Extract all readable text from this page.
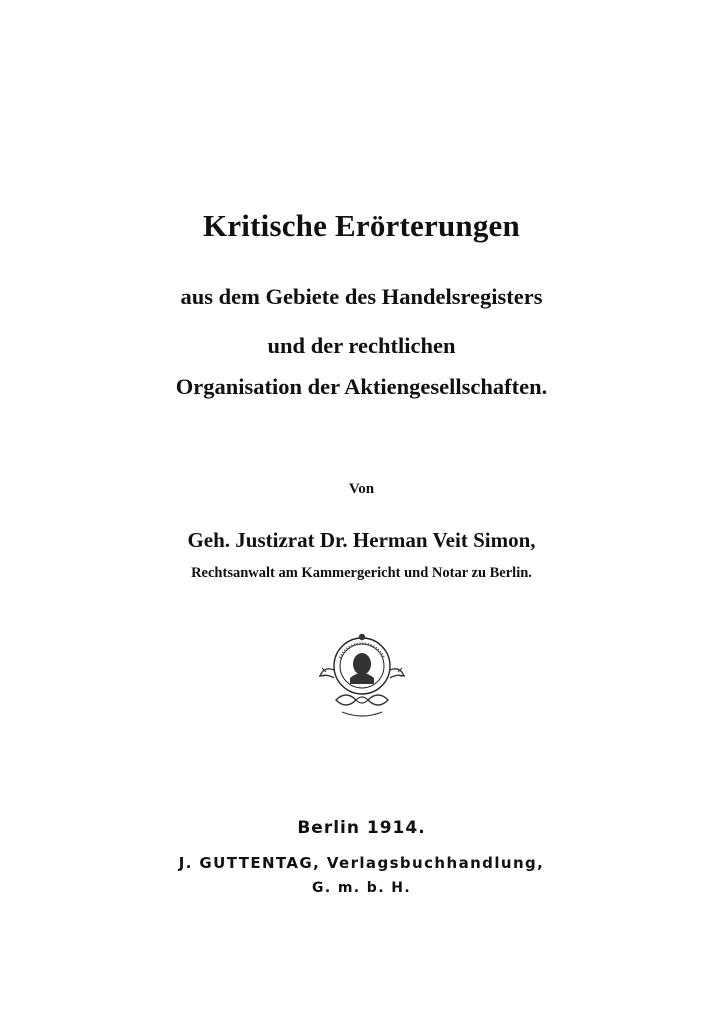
Kritische Erörterungen
aus dem Gebiete des Handelsregisters
und der rechtlichen
Organisation der Aktiengesellschaften.
Von
Geh. Justizrat Dr. Herman Veit Simon,
Rechtsanwalt am Kammergericht und Notar zu Berlin.
Berlin 1914.
J. GUTTENTAG, Verlagsbuchhandlung,
G. m. b. H.
